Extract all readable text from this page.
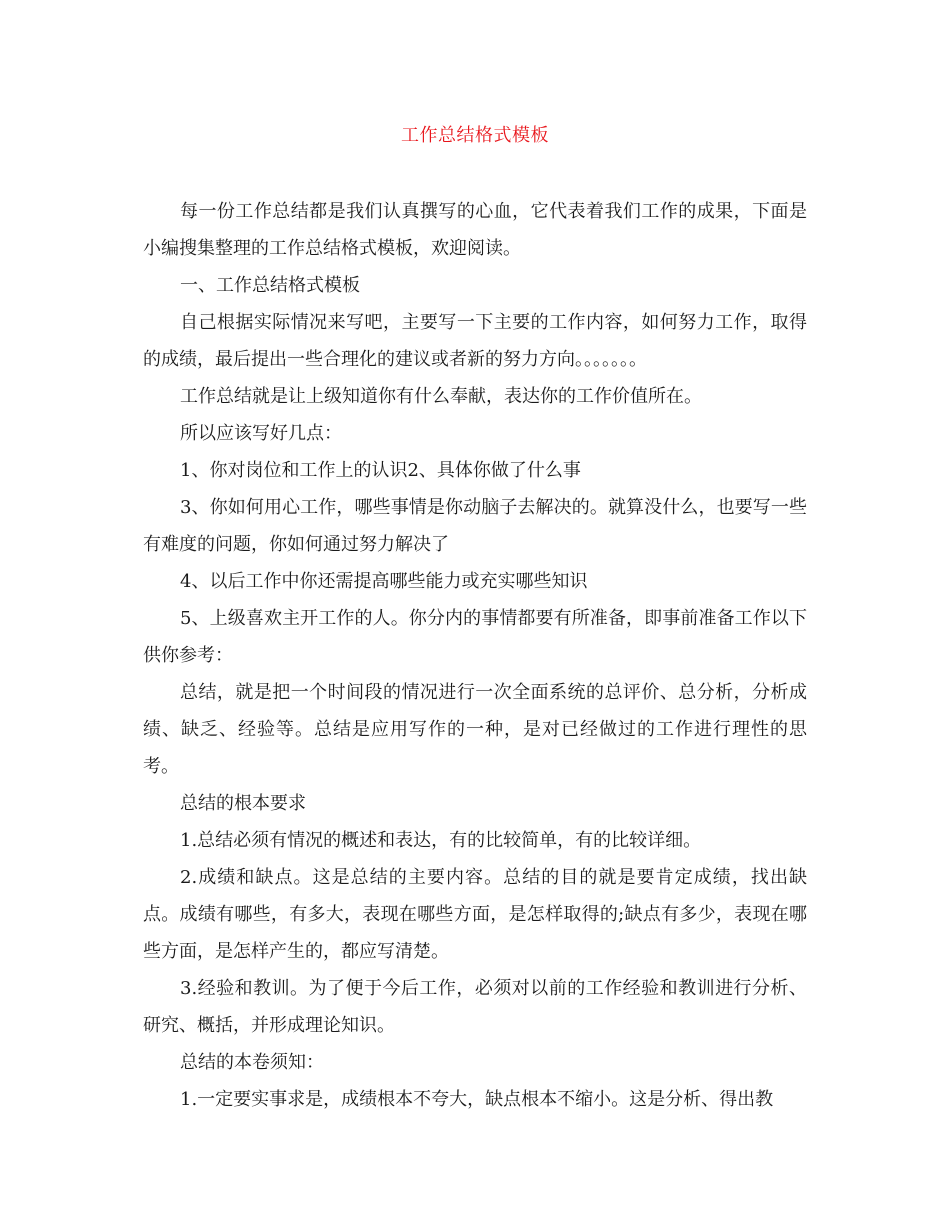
工作总结格式模板

每一份工作总结都是我们认真撰写的心血，它代表着我们工作的成果，下面是小编搜集整理的工作总结格式模板，欢迎阅读。

一、工作总结格式模板

自己根据实际情况来写吧，主要写一下主要的工作内容，如何努力工作，取得的成绩，最后提出一些合理化的建议或者新的努力方向。。。。。。。

工作总结就是让上级知道你有什么奉献，表达你的工作价值所在。

所以应该写好几点：

1、你对岗位和工作上的认识2、具体你做了什么事

3、你如何用心工作，哪些事情是你动脑子去解决的。就算没什么，也要写一些有难度的问题，你如何通过努力解决了

4、以后工作中你还需提高哪些能力或充实哪些知识

5、上级喜欢主开工作的人。你分内的事情都要有所准备，即事前准备工作以下供你参考：

总结，就是把一个时间段的情况进行一次全面系统的总评价、总分析，分析成绩、缺乏、经验等。总结是应用写作的一种，是对已经做过的工作进行理性的思考。

总结的根本要求

1.总结必须有情况的概述和表达，有的比较简单，有的比较详细。

2.成绩和缺点。这是总结的主要内容。总结的目的就是要肯定成绩，找出缺点。成绩有哪些，有多大，表现在哪些方面，是怎样取得的;缺点有多少，表现在哪些方面，是怎样产生的，都应写清楚。

3.经验和教训。为了便于今后工作，必须对以前的工作经验和教训进行分析、研究、概括，并形成理论知识。

总结的本卷须知：

1.一定要实事求是，成绩根本不夸大，缺点根本不缩小。这是分析、得出教
